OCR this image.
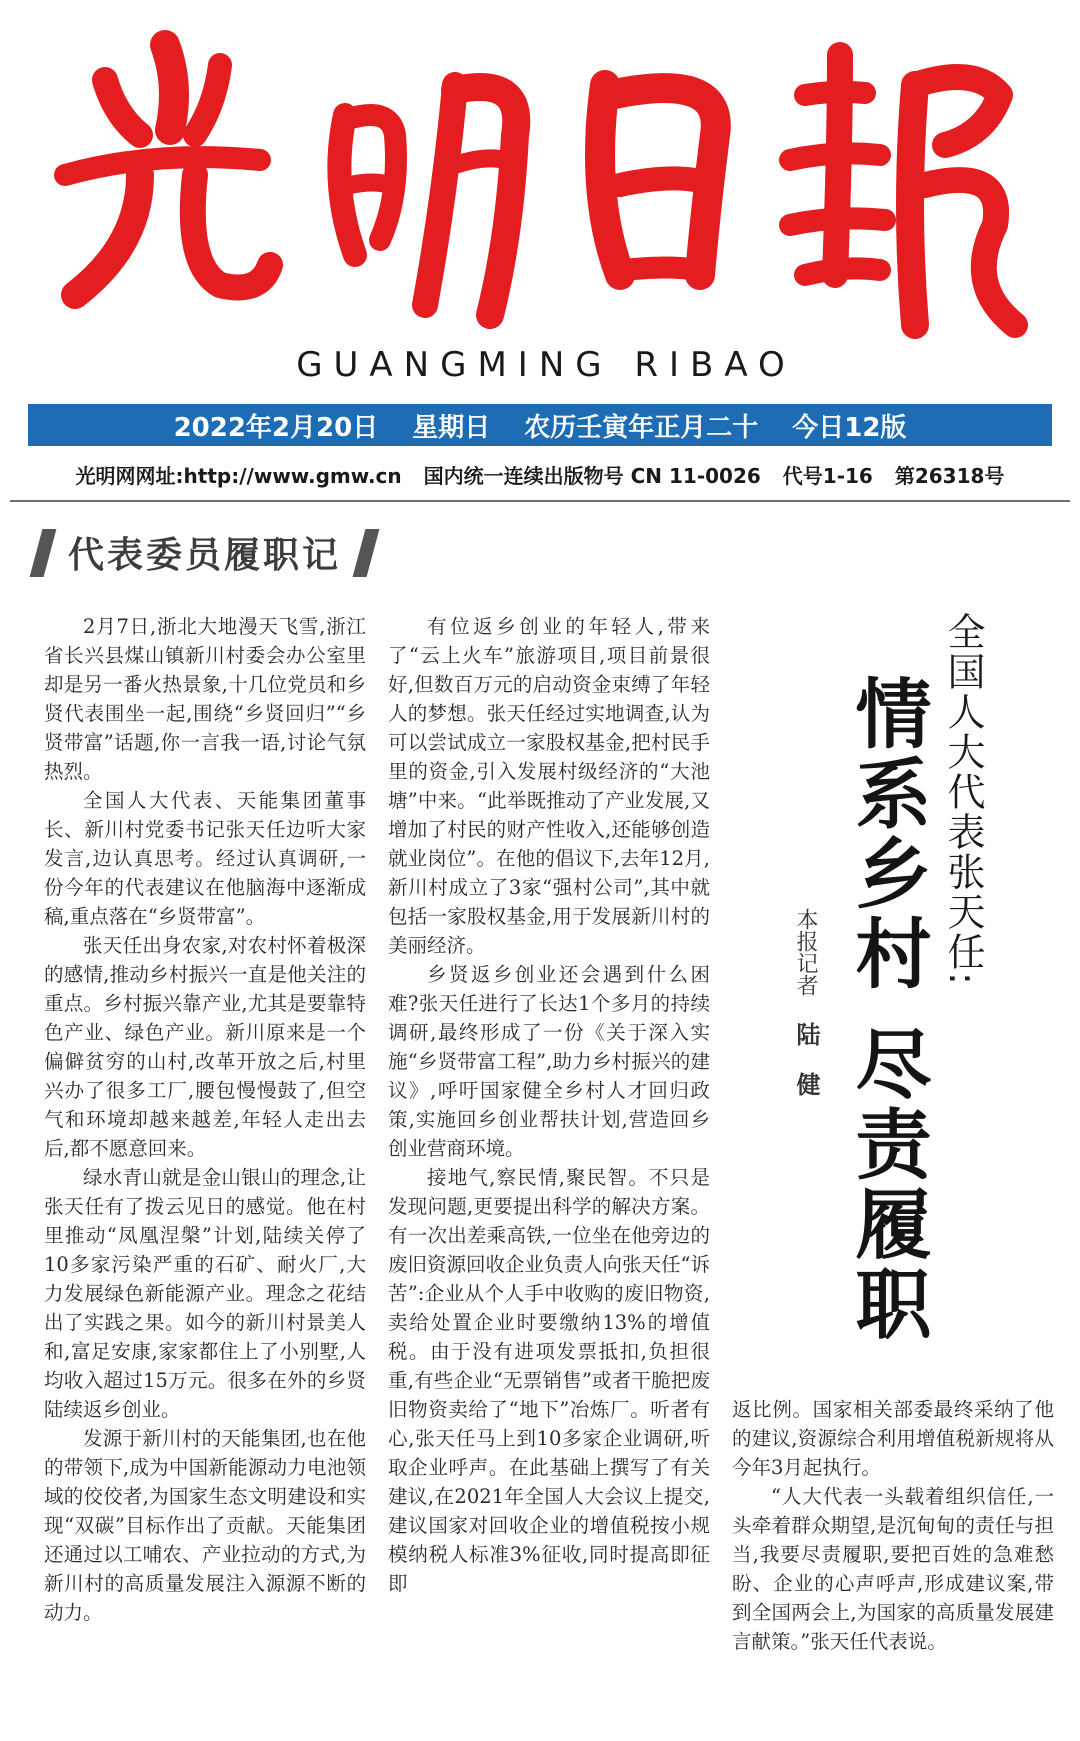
GUANGMING RIBAO
2022年2月20日 星期日 农历壬寅年正月二十 今日12版
光明网网址:http://www.gmw.cn 国内统一连续出版物号 CN 11-0026 代号1-16 第26318号
代表委员履职记

2月7日,浙北大地漫天飞雪,浙江省长兴县煤山镇新川村委会办公室里却是另一番火热景象,十几位党员和乡贤代表围坐一起,围绕“乡贤回归”“乡贤带富”话题,你一言我一语,讨论气氛热烈。

全国人大代表、天能集团董事长、新川村党委书记张天任边听大家发言,边认真思考。经过认真调研,一份今年的代表建议在他脑海中逐渐成稿,重点落在“乡贤带富”。

张天任出身农家,对农村怀着极深的感情,推动乡村振兴一直是他关注的重点。乡村振兴靠产业,尤其是要靠特色产业、绿色产业。新川原来是一个偏僻贫穷的山村,改革开放之后,村里兴办了很多工厂,腰包慢慢鼓了,但空气和环境却越来越差,年轻人走出去后,都不愿意回来。

绿水青山就是金山银山的理念,让张天任有了拨云见日的感觉。他在村里推动“凤凰涅槃”计划,陆续关停了10多家污染严重的石矿、耐火厂,大力发展绿色新能源产业。理念之花结出了实践之果。如今的新川村景美人和,富足安康,家家都住上了小别墅,人均收入超过15万元。很多在外的乡贤陆续返乡创业。

发源于新川村的天能集团,也在他的带领下,成为中国新能源动力电池领域的佼佼者,为国家生态文明建设和实现“双碳”目标作出了贡献。天能集团还通过以工哺农、产业拉动的方式,为新川村的高质量发展注入源源不断的动力。

有位返乡创业的年轻人,带来了“云上火车”旅游项目,项目前景很好,但数百万元的启动资金束缚了年轻人的梦想。张天任经过实地调查,认为可以尝试成立一家股权基金,把村民手里的资金,引入发展村级经济的“大池塘”中来。“此举既推动了产业发展,又增加了村民的财产性收入,还能够创造就业岗位”。在他的倡议下,去年12月,新川村成立了3家“强村公司”,其中就包括一家股权基金,用于发展新川村的美丽经济。

乡贤返乡创业还会遇到什么困难?张天任进行了长达1个多月的持续调研,最终形成了一份《关于深入实施“乡贤带富工程”,助力乡村振兴的建议》,呼吁国家健全乡村人才回归政策,实施回乡创业帮扶计划,营造回乡创业营商环境。

接地气,察民情,聚民智。不只是发现问题,更要提出科学的解决方案。有一次出差乘高铁,一位坐在他旁边的废旧资源回收企业负责人向张天任“诉苦”:企业从个人手中收购的废旧物资,卖给处置企业时要缴纳13%的增值税。由于没有进项发票抵扣,负担很重,有些企业“无票销售”或者干脆把废旧物资卖给了“地下”冶炼厂。听者有心,张天任马上到10多家企业调研,听取企业呼声。在此基础上撰写了有关建议,在2021年全国人大会议上提交,建议国家对回收企业的增值税按小规模纳税人标准3%征收,同时提高即征即

全国人大代表张天任:
情系乡村 尽责履职
本报记者
陆健

返比例。国家相关部委最终采纳了他的建议,资源综合利用增值税新规将从今年3月起执行。

“人大代表一头载着组织信任,一头牵着群众期望,是沉甸甸的责任与担当,我要尽责履职,要把百姓的急难愁盼、企业的心声呼声,形成建议案,带到全国两会上,为国家的高质量发展建言献策。”张天任代表说。
